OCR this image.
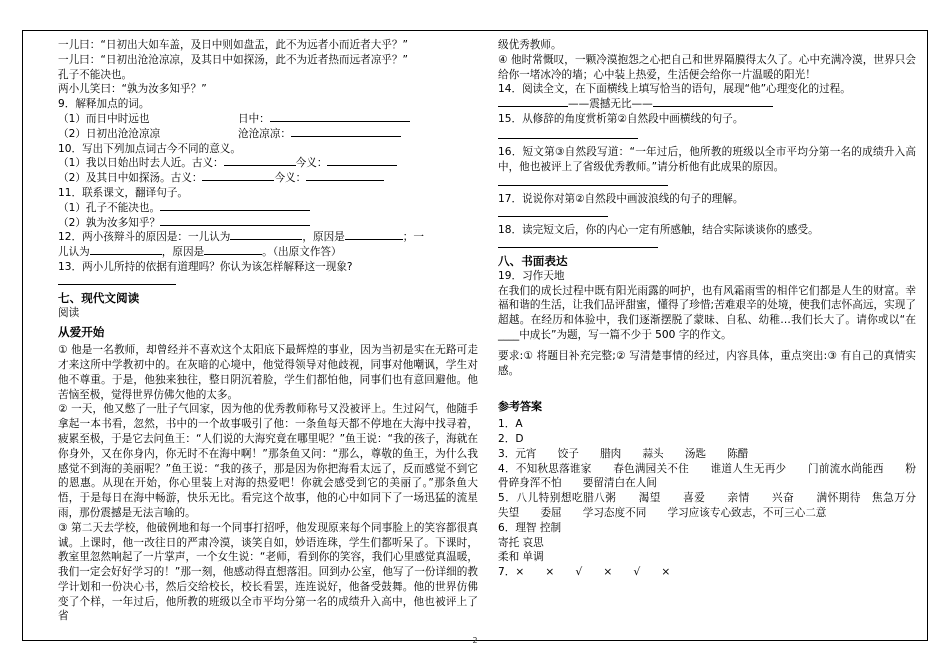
一儿曰：“日初出大如车盖，及日中则如盘盂，此不为远者小而近者大乎？”
一儿曰：“日初出沧沧凉凉，及其日中如探汤，此不为近者热而远者凉乎？”
孔子不能决也。
两小儿笑曰：“孰为汝多知乎？”
9．解释加点的词。
（1）而日中时远也	日中：
（2）日初出沧沧凉凉	沧沧凉凉：
10．写出下列加点词古今不同的意义。
（1）我以日始出时去人近。古义：	今义：
（2）及其日中如探汤。古义：	今义：
11．联系课文，翻译句子。
（1）孔子不能决也。
（2）孰为汝多知乎？
12．两小孩辩斗的原因是：一儿认为	，原因是	；一
儿认为	，原因是	。（出原文作答）
13．两小儿所持的依据有道理吗？你认为该怎样解释这一现象?
七、现代文阅读
阅读
从爱开始
① 他是一名教师，却曾经并不喜欢这个太阳底下最辉煌的事业，因为当初是实在无路可走才来这所中学教初中的。在灰暗的心境中，他觉得领导对他歧视，同事对他嘲讽，学生对他不尊重。于是，他独来独往，整日阴沉着脸，学生们都怕他，同事们也有意回避他。他苦恼至极，觉得世界仿佛欠他的太多。
② 一天，他又憋了一肚子气回家，因为他的优秀教师称号又没被评上。生过闷气，他随手拿起一本书看，忽然，书中的一个故事吸引了他：一条鱼每天都不停地在大海中找寻着，疲累至极，于是它去问鱼王：“人们说的大海究竟在哪里呢？”鱼王说：“我的孩子，海就在你身外，又在你身内，你无时不在海中啊！”那条鱼又问：“那么，尊敬的鱼王，为什么我感觉不到海的美丽呢？”鱼王说：“我的孩子，那是因为你把海看太远了，反而感觉不到它的恩惠。从现在开始，你心里装上对海的热爱吧！你就会感受到它的美丽了。”那条鱼大悟，于是每日在海中畅游，快乐无比。看完这个故事，他的心中如同下了一场迅猛的流星雨，那份震撼是无法言喻的。
③ 第二天去学校，他破例地和每一个同事打招呼，他发现原来每个同事脸上的笑容都很真诚。上课时，他一改往日的严肃冷漠，谈笑自如，妙语连珠，学生们都听呆了。下课时，教室里忽然响起了一片掌声，一个女生说：“老师，看到你的笑容，我们心里感觉真温暖，我们一定会好好学习的！”那一刻，他感动得直想落泪。回到办公室，他写了一份详细的教学计划和一份决心书，然后交给校长，校长看罢，连连说好，他备受鼓舞。他的世界仿佛变了个样，一年过后，他所教的班级以全市平均分第一名的成绩升入高中，他也被评上了省
级优秀教师。
④ 他时常慨叹，一颗冷漠抱怨之心把自己和世界隔膜得太久了。心中充满冷漠，世界只会给你一堵冰冷的墙；心中装上热爱，生活便会给你一片温暖的阳光！
14．阅读全文，在下面横线上填写恰当的语句，展现“他”心理变化的过程。
——震撼无比——
15．从修辞的角度赏析第②自然段中画横线的句子。
16．短文第③自然段写道：“一年过后，他所教的班级以全市平均分第一名的成绩升入高中，他也被评上了省级优秀教师。”请分析他有此成果的原因。
17．说说你对第②自然段中画波浪线的句子的理解。
18．读完短文后，你的内心一定有所感触，结合实际谈谈你的感受。
八、书面表达
19．习作天地
在我们的成长过程中既有阳光雨露的呵护，也有风霜雨雪的相伴它们都是人生的财富。幸福和谐的生活，让我们品评甜蜜，懂得了珍惜;苦难艰辛的处境，使我们志怀高远，实现了超越。在经历和体验中，我们逐渐摆脱了蒙昧、自私、幼稚…我们长大了。请你或以“在____中成长”为题，写一篇不少于 500 字的作文。
要求:① 将题目补充完整;② 写清楚事情的经过，内容具体，重点突出:③ 有自己的真情实感。
参考答案
1．A
2．D
3．元宵　　饺子　　腊肉　　蒜头　　汤匙　　陈醋
4．不知秋思落谁家　　春色满园关不住　　谁道人生无再少　　门前流水尚能西　　粉骨碎身浑不怕　　要留清白在人间
5．八儿特别想吃腊八粥　　渴望　　喜爱　　亲情　　兴奋　　满怀期待　焦急万分　　失望　　委屈　　学习态度不同　　学习应该专心致志，不可三心二意
6．理智 控制
寄托 哀思
柔和 单调
7．×　　×　　√　　×　　√　　×
2
